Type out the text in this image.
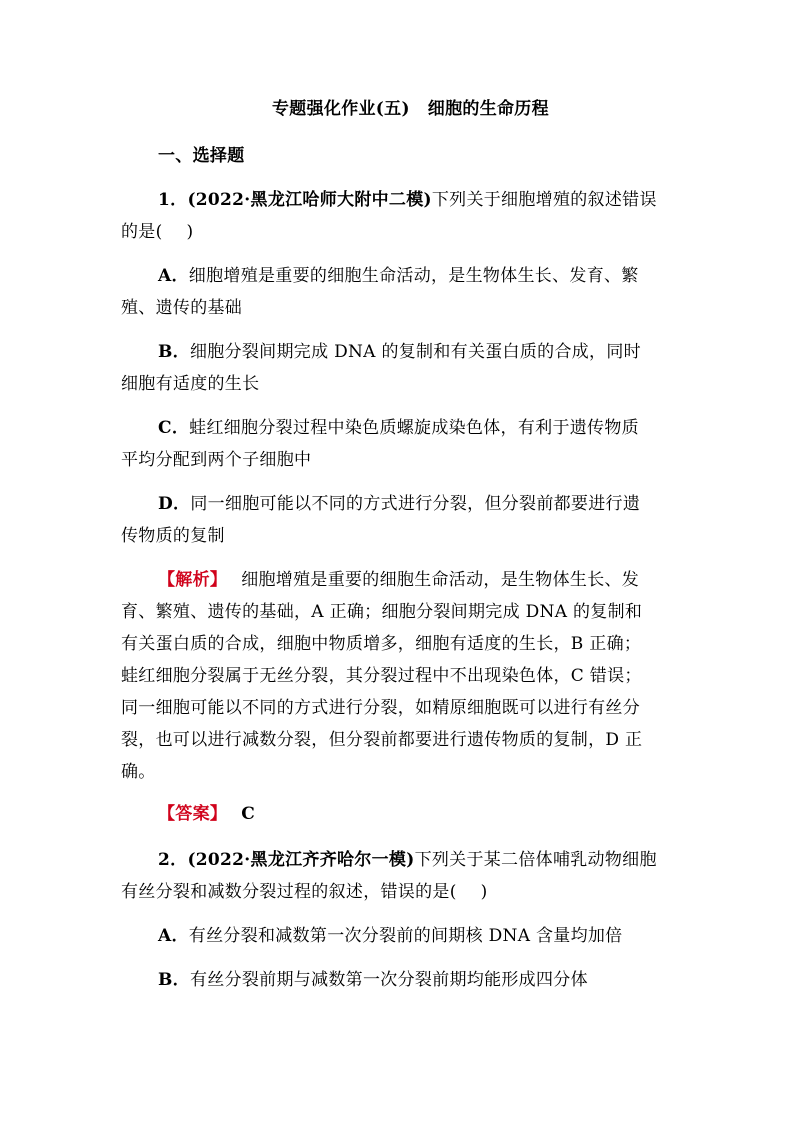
专题强化作业(五) 细胞的生命历程
一、选择题
1．(2022·黑龙江哈师大附中二模)下列关于细胞增殖的叙述错误
的是( )
A．细胞增殖是重要的细胞生命活动，是生物体生长、发育、繁
殖、遗传的基础
B．细胞分裂间期完成 DNA 的复制和有关蛋白质的合成，同时
细胞有适度的生长
C．蛙红细胞分裂过程中染色质螺旋成染色体，有利于遗传物质
平均分配到两个子细胞中
D．同一细胞可能以不同的方式进行分裂，但分裂前都要进行遗
传物质的复制
【解析】 细胞增殖是重要的细胞生命活动，是生物体生长、发
育、繁殖、遗传的基础，A 正确；细胞分裂间期完成 DNA 的复制和
有关蛋白质的合成，细胞中物质增多，细胞有适度的生长，B 正确；
蛙红细胞分裂属于无丝分裂，其分裂过程中不出现染色体，C 错误；
同一细胞可能以不同的方式进行分裂，如精原细胞既可以进行有丝分
裂，也可以进行减数分裂，但分裂前都要进行遗传物质的复制，D 正
确。
【答案】 C
2．(2022·黑龙江齐齐哈尔一模)下列关于某二倍体哺乳动物细胞
有丝分裂和减数分裂过程的叙述，错误的是( )
A．有丝分裂和减数第一次分裂前的间期核 DNA 含量均加倍
B．有丝分裂前期与减数第一次分裂前期均能形成四分体
